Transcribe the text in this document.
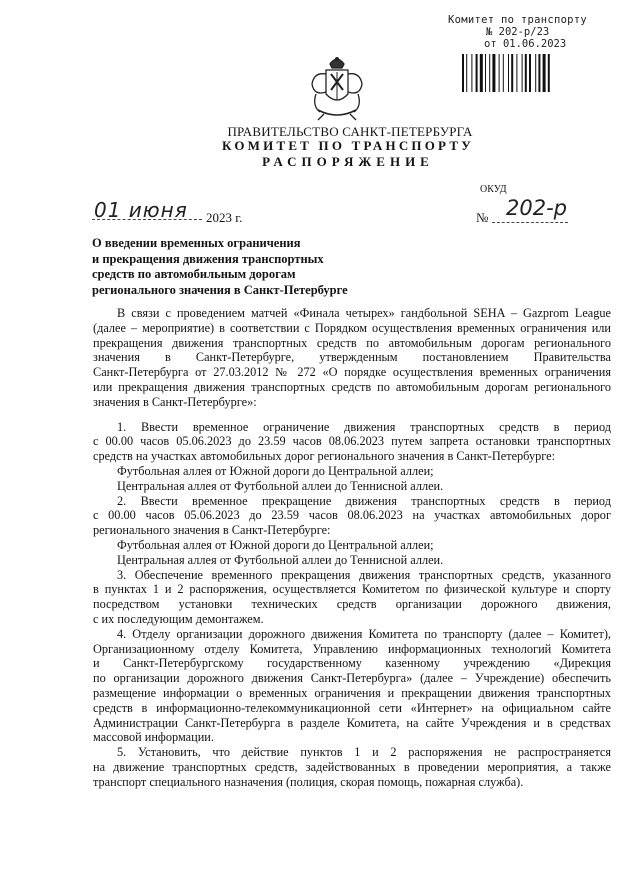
Комитет по транспорту
№ 202-р/23
от 01.06.2023
ПРАВИТЕЛЬСТВО САНКТ-ПЕТЕРБУРГА
КОМИТЕТ ПО ТРАНСПОРТУ
РАСПОРЯЖЕНИЕ
ОКУД
01 июня 2023 г.	№ 202-р
О введении временных ограничения
и прекращения движения транспортных
средств по автомобильным дорогам
регионального значения в Санкт-Петербурге

В связи с проведением матчей «Финала четырех» гандбольной SEHA – Gazprom League
(далее – мероприятие) в соответствии с Порядком осуществления временных ограничения или
прекращения движения транспортных средств по автомобильным дорогам регионального
значения в Санкт-Петербурге, утвержденным постановлением Правительства
Санкт-Петербурга от 27.03.2012 № 272 «О порядке осуществления временных ограничения
или прекращения движения транспортных средств по автомобильным дорогам регионального
значения в Санкт-Петербурге»:

1. Ввести временное ограничение движения транспортных средств в период
с 00.00 часов 05.06.2023 до 23.59 часов 08.06.2023 путем запрета остановки транспортных
средств на участках автомобильных дорог регионального значения в Санкт-Петербурге:

Футбольная аллея от Южной дороги до Центральной аллеи;

Центральная аллея от Футбольной аллеи до Теннисной аллеи.

2. Ввести временное прекращение движения транспортных средств в период
с 00.00 часов 05.06.2023 до 23.59 часов 08.06.2023 на участках автомобильных дорог
регионального значения в Санкт-Петербурге:

Футбольная аллея от Южной дороги до Центральной аллеи;

Центральная аллея от Футбольной аллеи до Теннисной аллеи.

3. Обеспечение временного прекращения движения транспортных средств, указанного
в пунктах 1 и 2 распоряжения, осуществляется Комитетом по физической культуре и спорту
посредством установки технических средств организации дорожного движения,
с их последующим демонтажем.

4. Отделу организации дорожного движения Комитета по транспорту (далее – Комитет),
Организационному отделу Комитета, Управлению информационных технологий Комитета
и Санкт-Петербургскому государственному казенному учреждению «Дирекция
по организации дорожного движения Санкт-Петербурга» (далее – Учреждение) обеспечить
размещение информации о временных ограничения и прекращении движения транспортных
средств в информационно-телекоммуникационной сети «Интернет» на официальном сайте
Администрации Санкт-Петербурга в разделе Комитета, на сайте Учреждения и в средствах
массовой информации.

5. Установить, что действие пунктов 1 и 2 распоряжения не распространяется
на движение транспортных средств, задействованных в проведении мероприятия, а также
транспорт специального назначения (полиция, скорая помощь, пожарная служба).
